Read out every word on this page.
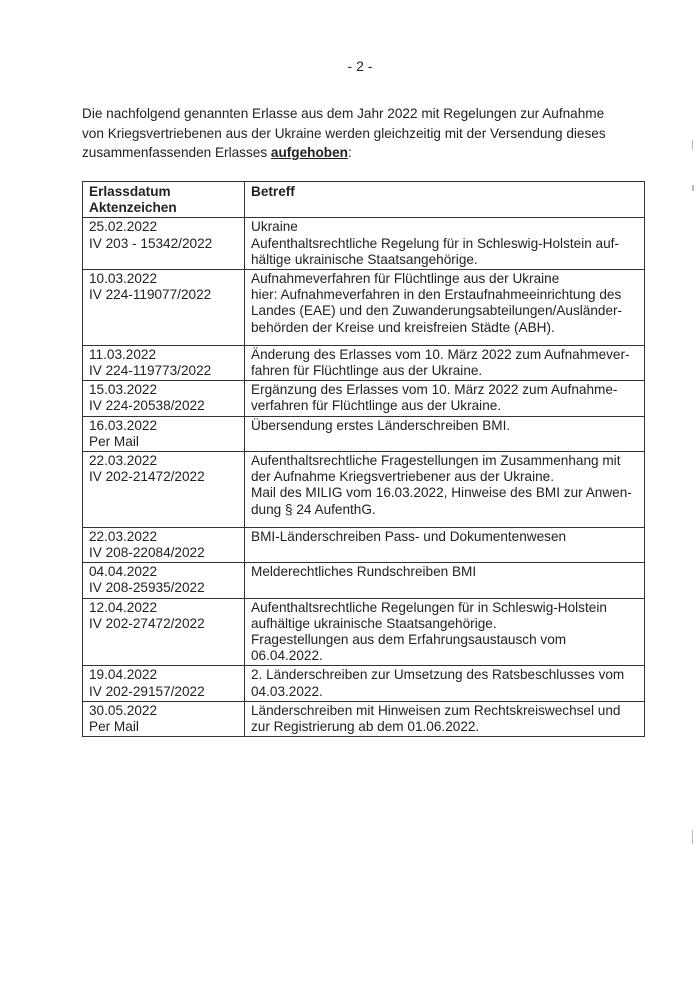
- 2 -
Die nachfolgend genannten Erlasse aus dem Jahr 2022 mit Regelungen zur Aufnahme
von Kriegsvertriebenen aus der Ukraine werden gleichzeitig mit der Versendung dieses
zusammenfassenden Erlasses aufgehoben:
Erlassdatum
Aktenzeichen	Betreff

25.02.2022
IV 203 - 15342/2022	Ukraine
Aufenthaltsrechtliche Regelung für in Schleswig-Holstein auf-
hältige ukrainische Staatsangehörige.

10.03.2022
IV 224-119077/2022	Aufnahmeverfahren für Flüchtlinge aus der Ukraine
hier: Aufnahmeverfahren in den Erstaufnahmeeinrichtung des
Landes (EAE) und den Zuwanderungsabteilungen/Ausländer-
behörden der Kreise und kreisfreien Städte (ABH).

11.03.2022
IV 224-119773/2022	Änderung des Erlasses vom 10. März 2022 zum Aufnahmever-
fahren für Flüchtlinge aus der Ukraine.

15.03.2022
IV 224-20538/2022	Ergänzung des Erlasses vom 10. März 2022 zum Aufnahme-
verfahren für Flüchtlinge aus der Ukraine.

16.03.2022
Per Mail	Übersendung erstes Länderschreiben BMI.

22.03.2022
IV 202-21472/2022	Aufenthaltsrechtliche Fragestellungen im Zusammenhang mit
der Aufnahme Kriegsvertriebener aus der Ukraine.
Mail des MILIG vom 16.03.2022, Hinweise des BMI zur Anwen-
dung § 24 AufenthG.

22.03.2022
IV 208-22084/2022	BMI-Länderschreiben Pass- und Dokumentenwesen

04.04.2022
IV 208-25935/2022	Melderechtliches Rundschreiben BMI

12.04.2022
IV 202-27472/2022	Aufenthaltsrechtliche Regelungen für in Schleswig-Holstein
aufhältige ukrainische Staatsangehörige.
Fragestellungen aus dem Erfahrungsaustausch vom
06.04.2022.

19.04.2022
IV 202-29157/2022	2. Länderschreiben zur Umsetzung des Ratsbeschlusses vom
04.03.2022.

30.05.2022
Per Mail	Länderschreiben mit Hinweisen zum Rechtskreiswechsel und
zur Registrierung ab dem 01.06.2022.
